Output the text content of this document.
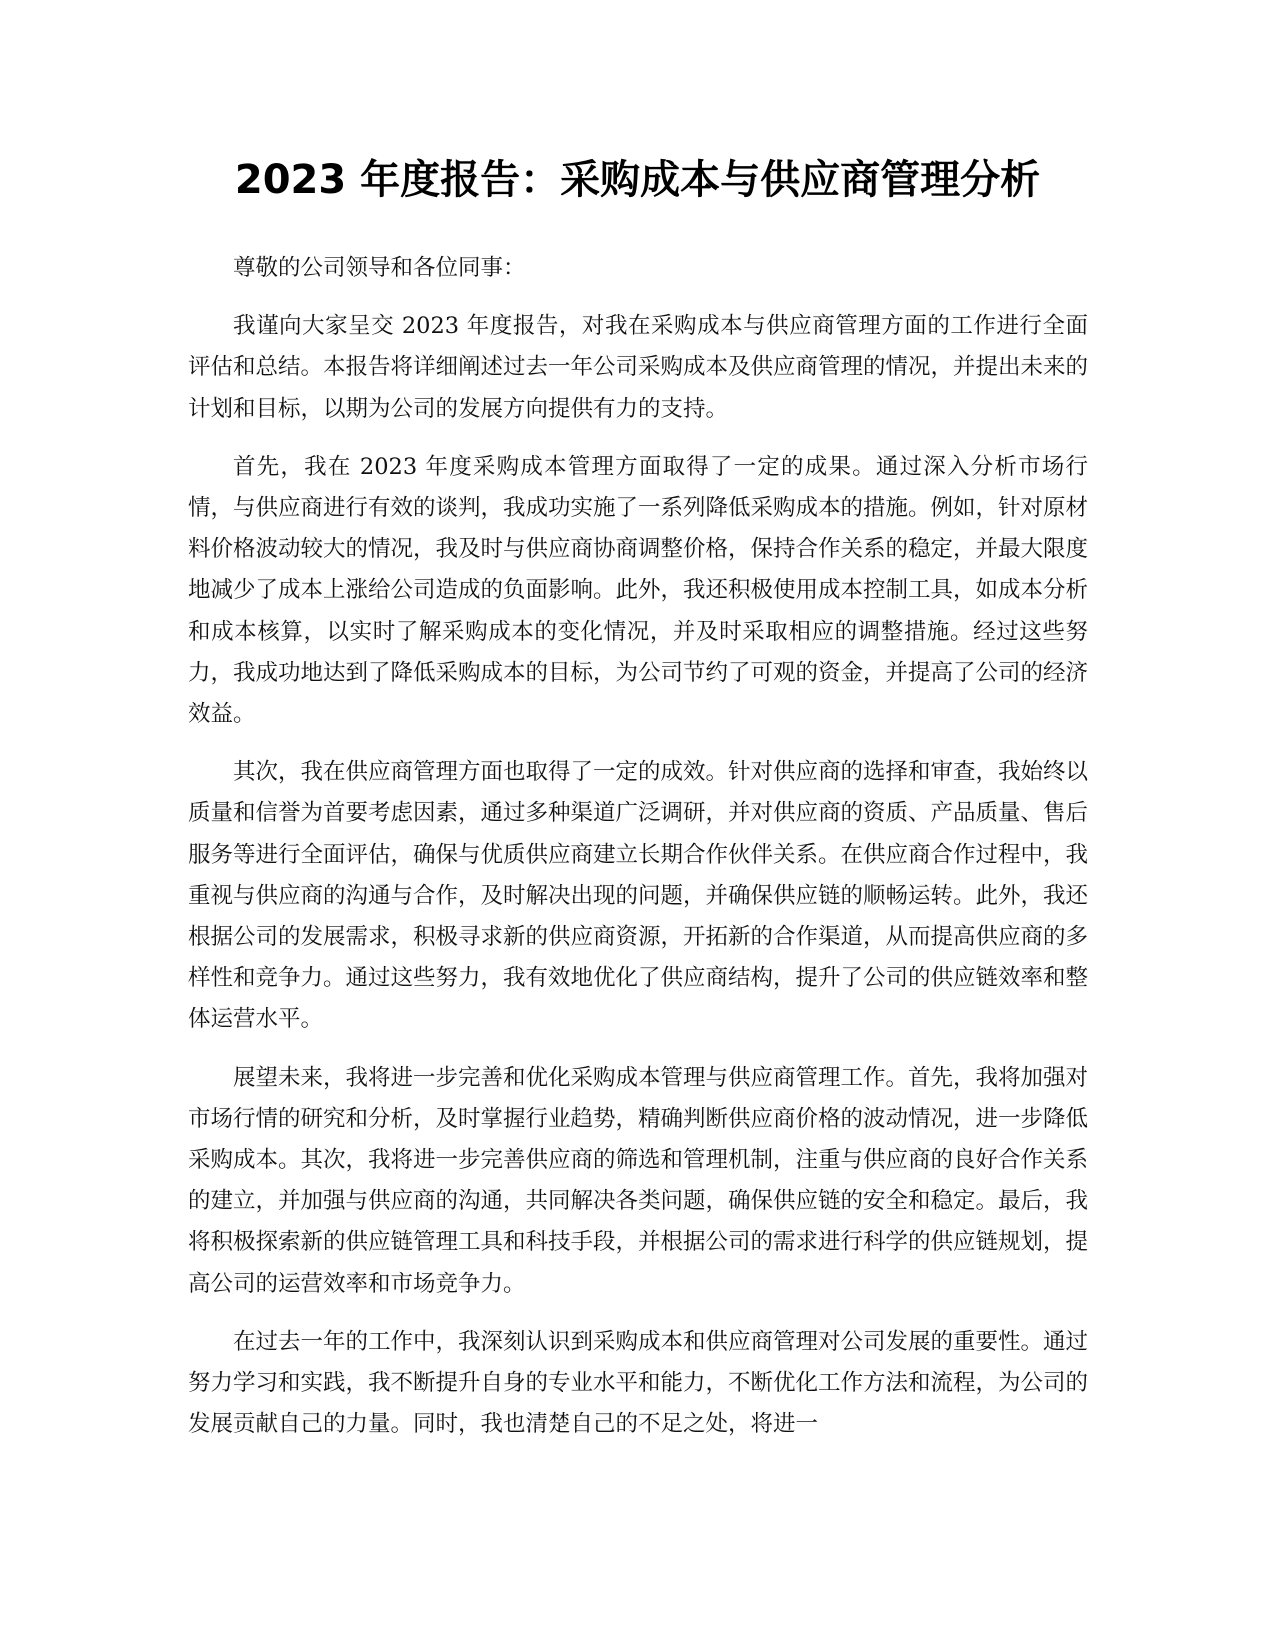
2023 年度报告：采购成本与供应商管理分析

尊敬的公司领导和各位同事：

我谨向大家呈交 2023 年度报告，对我在采购成本与供应商管理方面的工作进行全面评估和总结。本报告将详细阐述过去一年公司采购成本及供应商管理的情况，并提出未来的计划和目标，以期为公司的发展方向提供有力的支持。

首先，我在 2023 年度采购成本管理方面取得了一定的成果。通过深入分析市场行情，与供应商进行有效的谈判，我成功实施了一系列降低采购成本的措施。例如，针对原材料价格波动较大的情况，我及时与供应商协商调整价格，保持合作关系的稳定，并最大限度地减少了成本上涨给公司造成的负面影响。此外，我还积极使用成本控制工具，如成本分析和成本核算，以实时了解采购成本的变化情况，并及时采取相应的调整措施。经过这些努力，我成功地达到了降低采购成本的目标，为公司节约了可观的资金，并提高了公司的经济效益。

其次，我在供应商管理方面也取得了一定的成效。针对供应商的选择和审查，我始终以质量和信誉为首要考虑因素，通过多种渠道广泛调研，并对供应商的资质、产品质量、售后服务等进行全面评估，确保与优质供应商建立长期合作伙伴关系。在供应商合作过程中，我重视与供应商的沟通与合作，及时解决出现的问题，并确保供应链的顺畅运转。此外，我还根据公司的发展需求，积极寻求新的供应商资源，开拓新的合作渠道，从而提高供应商的多样性和竞争力。通过这些努力，我有效地优化了供应商结构，提升了公司的供应链效率和整体运营水平。

展望未来，我将进一步完善和优化采购成本管理与供应商管理工作。首先，我将加强对市场行情的研究和分析，及时掌握行业趋势，精确判断供应商价格的波动情况，进一步降低采购成本。其次，我将进一步完善供应商的筛选和管理机制，注重与供应商的良好合作关系的建立，并加强与供应商的沟通，共同解决各类问题，确保供应链的安全和稳定。最后，我将积极探索新的供应链管理工具和科技手段，并根据公司的需求进行科学的供应链规划，提高公司的运营效率和市场竞争力。

在过去一年的工作中，我深刻认识到采购成本和供应商管理对公司发展的重要性。通过努力学习和实践，我不断提升自身的专业水平和能力，不断优化工作方法和流程，为公司的发展贡献自己的力量。同时，我也清楚自己的不足之处，将进一
